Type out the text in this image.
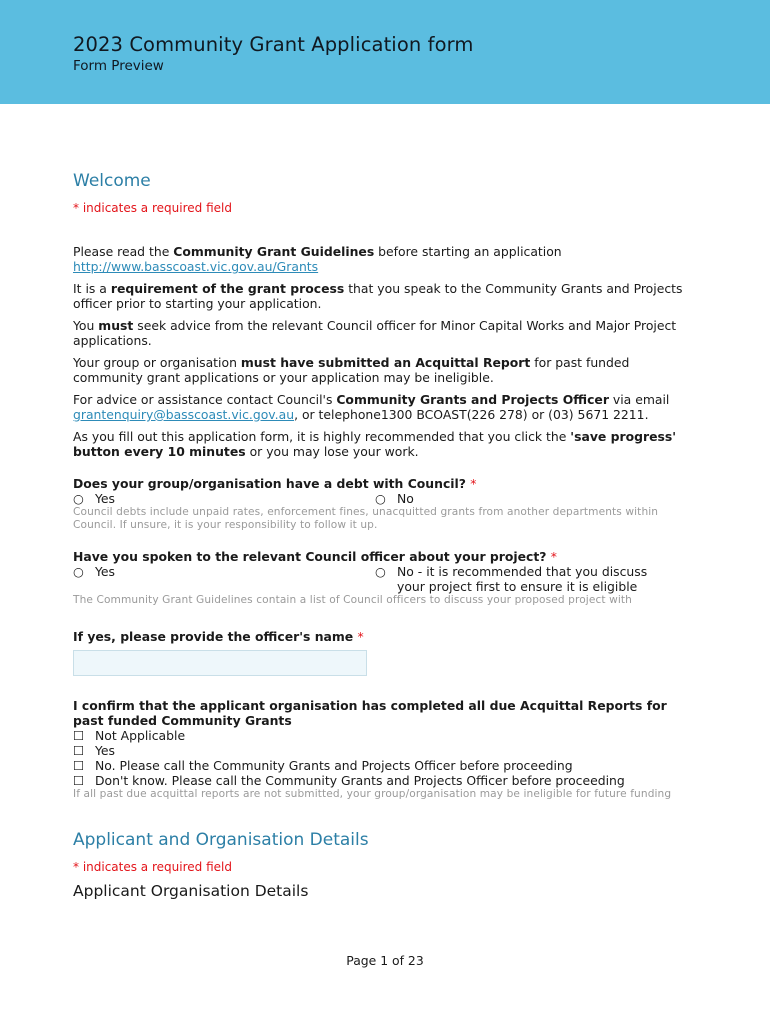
2023 Community Grant Application form
Form Preview
Welcome
* indicates a required field
Please read the Community Grant Guidelines before starting an application http://www.basscoast.vic.gov.au/Grants
It is a requirement of the grant process that you speak to the Community Grants and Projects officer prior to starting your application.
You must seek advice from the relevant Council officer for Minor Capital Works and Major Project applications.
Your group or organisation must have submitted an Acquittal Report for past funded community grant applications or your application may be ineligible.
For advice or assistance contact Council's Community Grants and Projects Officer via email grantenquiry@basscoast.vic.gov.au, or telephone1300 BCOAST(226 278) or (03) 5671 2211.
As you fill out this application form, it is highly recommended that you click the 'save progress' button every 10 minutes or you may lose your work.
Does your group/organisation have a debt with Council? *
○ Yes	○ No
Council debts include unpaid rates, enforcement fines, unacquitted grants from another departments within Council. If unsure, it is your responsibility to follow it up.
Have you spoken to the relevant Council officer about your project? *
○ Yes	○ No - it is recommended that you discuss your project first to ensure it is eligible
The Community Grant Guidelines contain a list of Council officers to discuss your proposed project with
If yes, please provide the officer's name *
I confirm that the applicant organisation has completed all due Acquittal Reports for past funded Community Grants
☐ Not Applicable
☐ Yes
☐ No. Please call the Community Grants and Projects Officer before proceeding
☐ Don't know. Please call the Community Grants and Projects Officer before proceeding
If all past due acquittal reports are not submitted, your group/organisation may be ineligible for future funding
Applicant and Organisation Details
* indicates a required field
Applicant Organisation Details
Page 1 of 23
